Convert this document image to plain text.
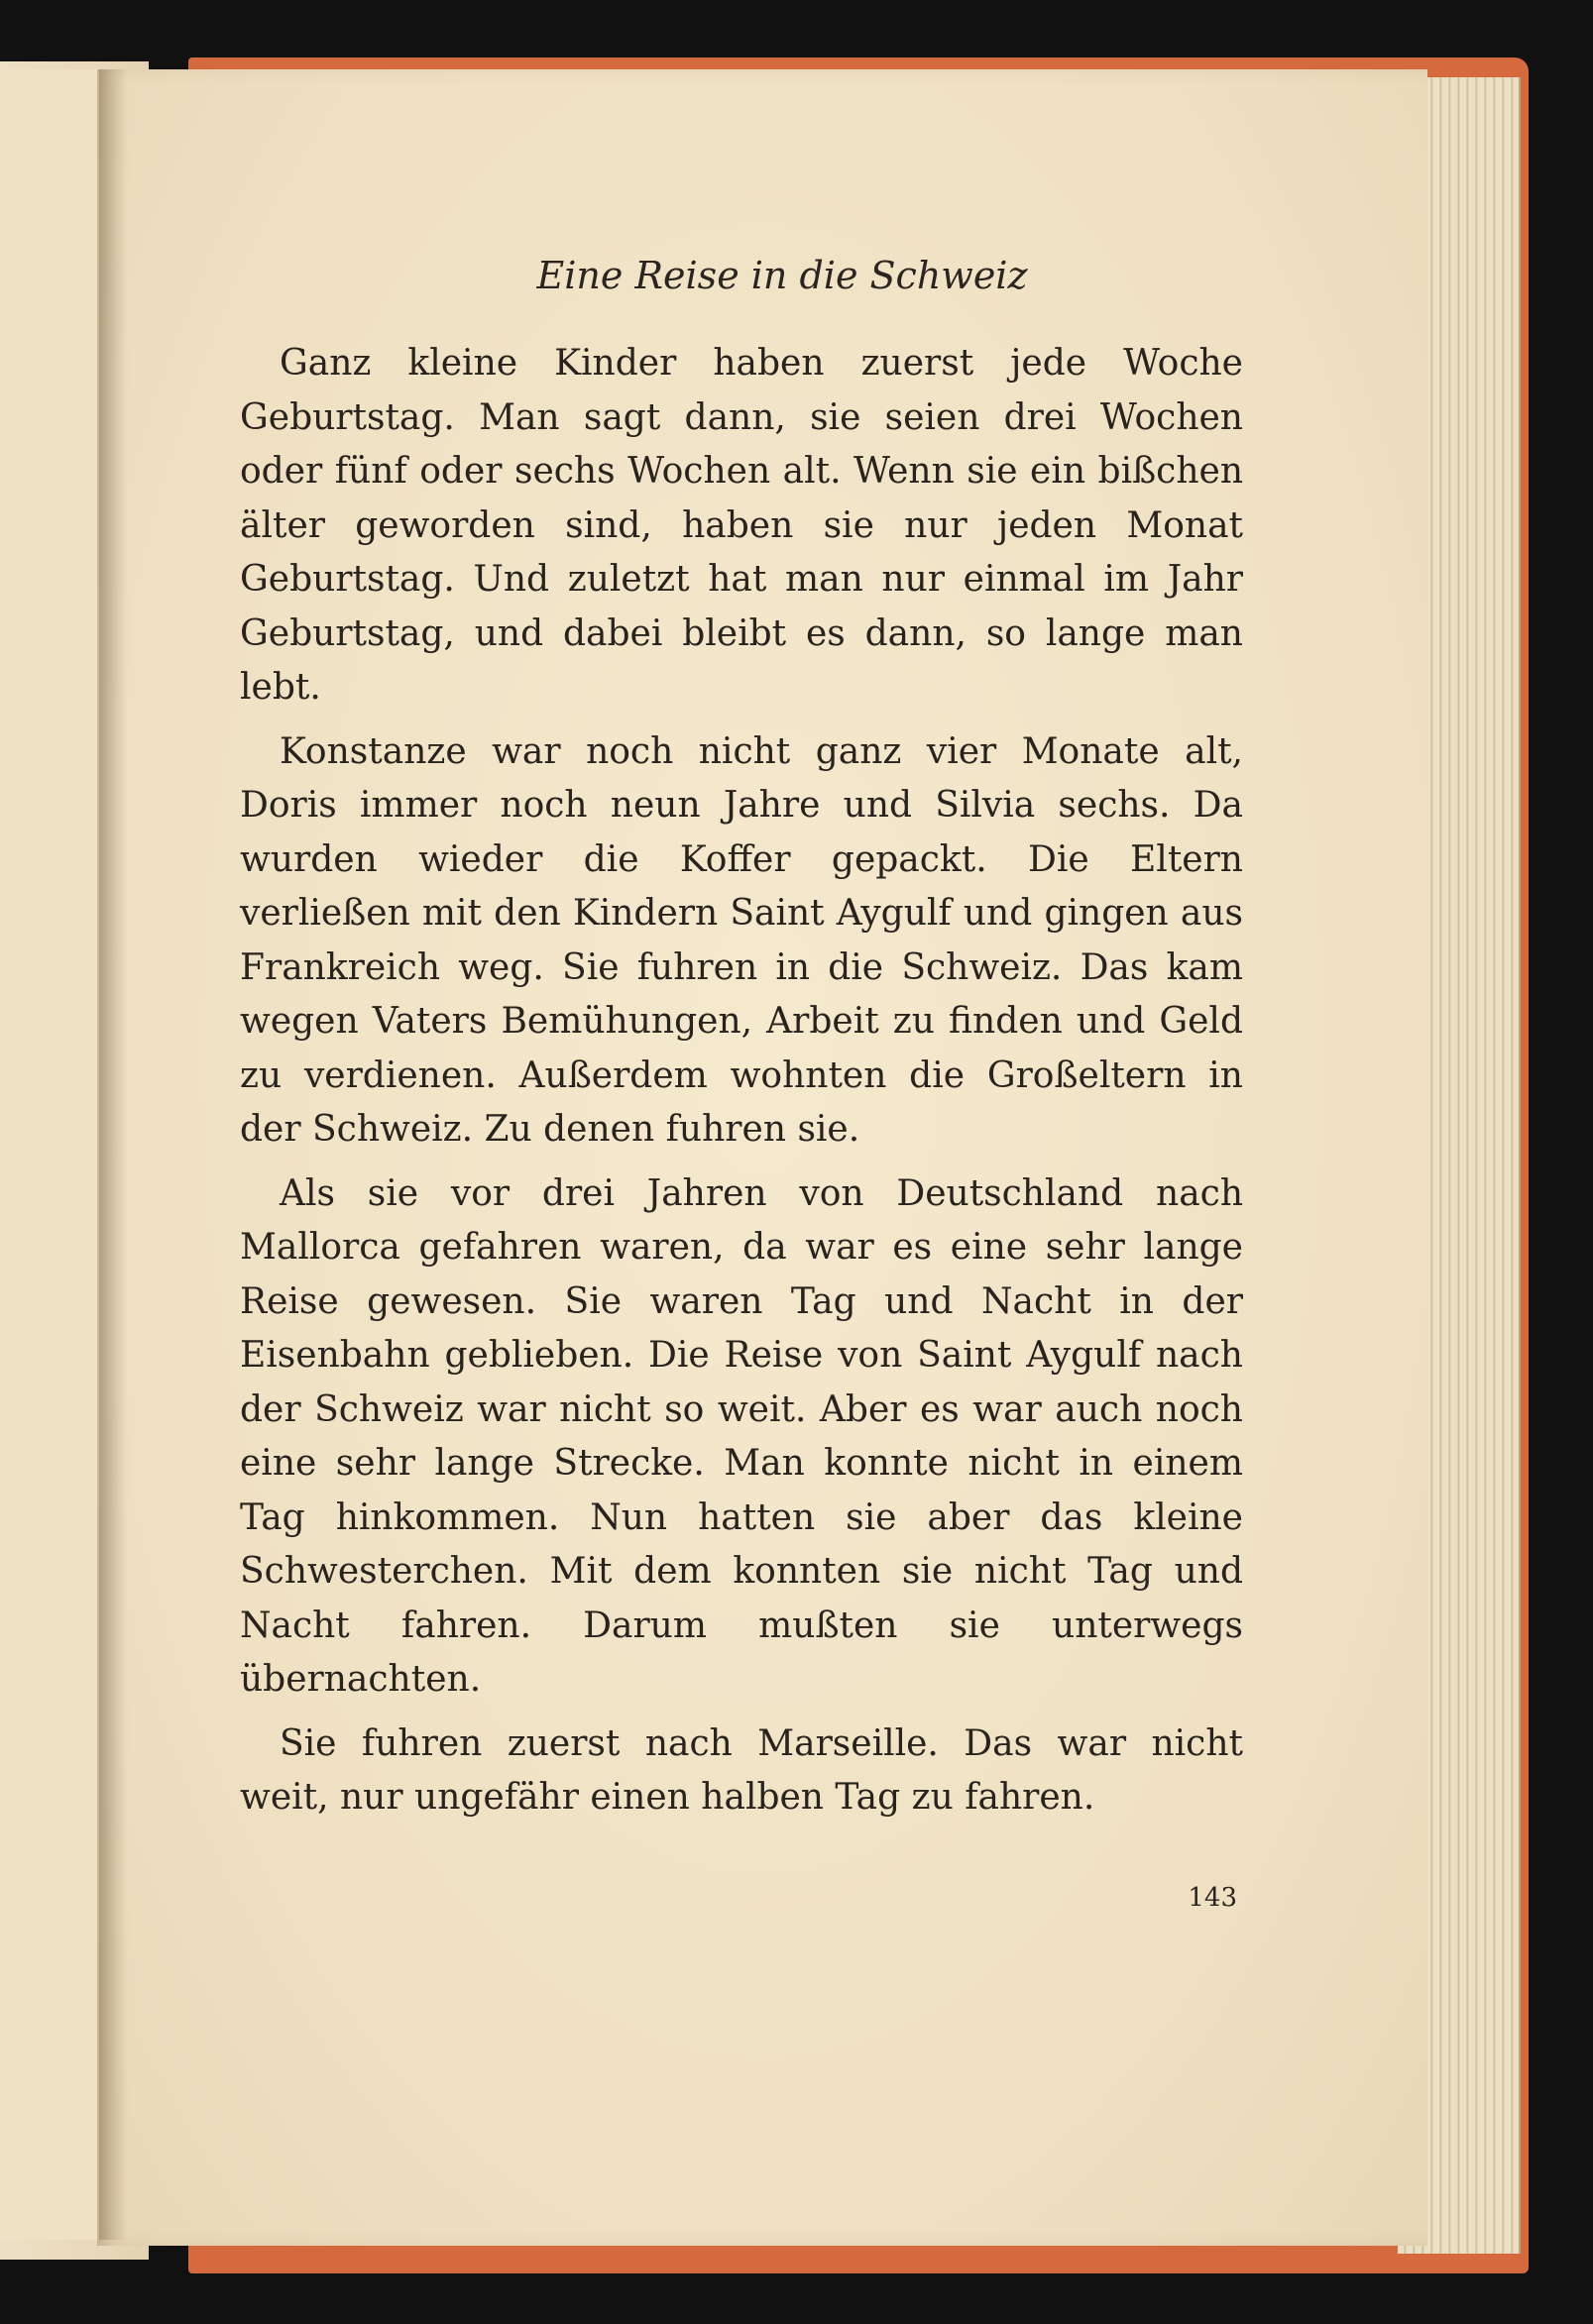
Eine Reise in die Schweiz

Ganz kleine Kinder haben zuerst jede Woche Geburtstag. Man sagt dann, sie seien drei Wochen oder fünf oder sechs Wochen alt. Wenn sie ein bißchen älter geworden sind, haben sie nur jeden Monat Geburtstag. Und zuletzt hat man nur einmal im Jahr Geburtstag, und dabei bleibt es dann, so lange man lebt.

Konstanze war noch nicht ganz vier Monate alt, Doris immer noch neun Jahre und Silvia sechs. Da wurden wieder die Koffer gepackt. Die Eltern verließen mit den Kindern Saint Aygulf und gingen aus Frankreich weg. Sie fuhren in die Schweiz. Das kam wegen Vaters Bemühungen, Arbeit zu finden und Geld zu verdienen. Außerdem wohnten die Großeltern in der Schweiz. Zu denen fuhren sie.

Als sie vor drei Jahren von Deutschland nach Mallorca gefahren waren, da war es eine sehr lange Reise gewesen. Sie waren Tag und Nacht in der Eisenbahn geblieben. Die Reise von Saint Aygulf nach der Schweiz war nicht so weit. Aber es war auch noch eine sehr lange Strecke. Man konnte nicht in einem Tag hinkommen. Nun hatten sie aber das kleine Schwesterchen. Mit dem konnten sie nicht Tag und Nacht fahren. Darum mußten sie unterwegs übernachten.

Sie fuhren zuerst nach Marseille. Das war nicht weit, nur ungefähr einen halben Tag zu fahren.

143
